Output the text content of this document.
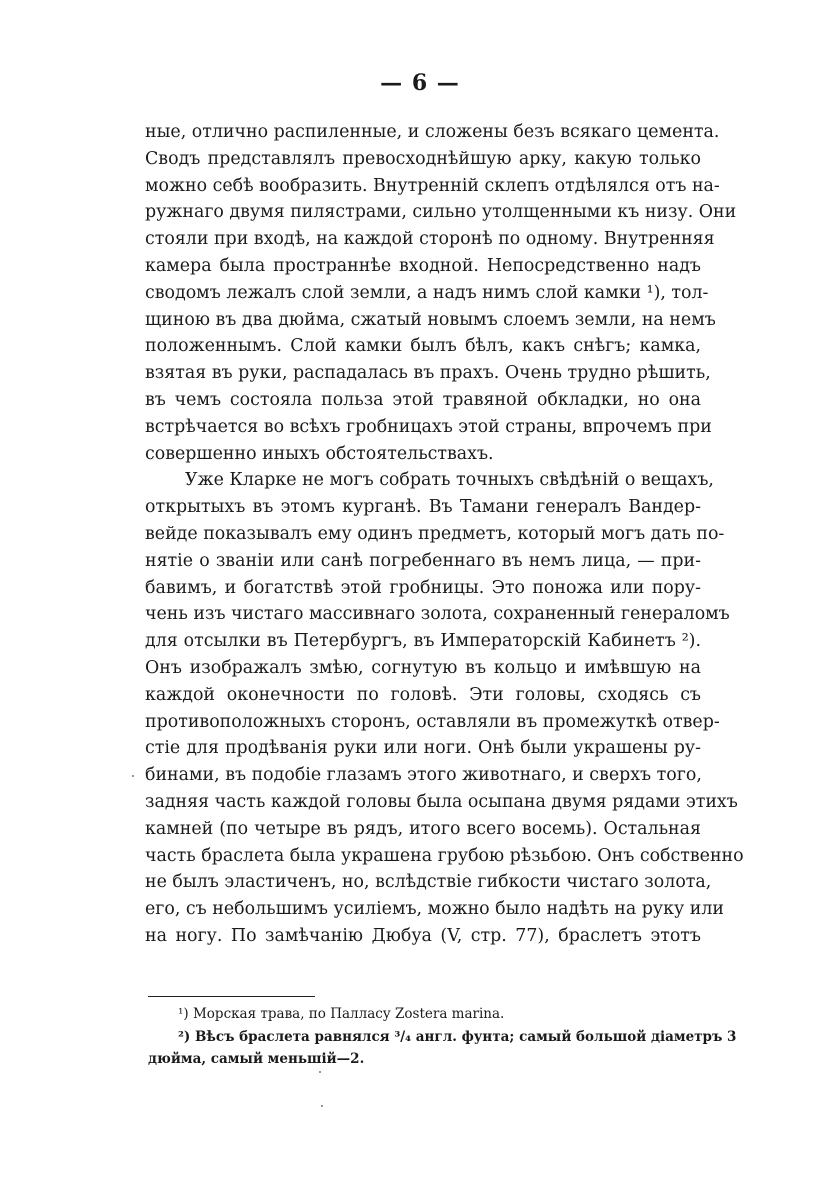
— 6 —
ные, отлично распиленные, и сложены безъ всякаго цемента.
Сводъ представлялъ превосходнѣйшую арку, какую только
можно себѣ вообразить. Внутренній склепъ отдѣлялся отъ на-
ружнаго двумя пилястрами, сильно утолщенными къ низу. Они
стояли при входѣ, на каждой сторонѣ по одному. Внутренняя
камера была пространнѣе входной. Непосредственно надъ
сводомъ лежалъ слой земли, а надъ нимъ слой камки ¹), тол-
щиною въ два дюйма, сжатый новымъ слоемъ земли, на немъ
положеннымъ. Слой камки былъ бѣлъ, какъ снѣгъ; камка,
взятая въ руки, распадалась въ прахъ. Очень трудно рѣшить,
въ чемъ состояла польза этой травяной обкладки, но она
встрѣчается во всѣхъ гробницахъ этой страны, впрочемъ при
совершенно иныхъ обстоятельствахъ.
Уже Кларке не могъ собрать точныхъ свѣдѣній о вещахъ,
открытыхъ въ этомъ курганѣ. Въ Тамани генералъ Вандер-
вейде показывалъ ему одинъ предметъ, который могъ дать по-
нятіе о званіи или санѣ погребеннаго въ немъ лица, — при-
бавимъ, и богатствѣ этой гробницы. Это поножа или пору-
чень изъ чистаго массивнаго золота, сохраненный генераломъ
для отсылки въ Петербургъ, въ Императорскій Кабинетъ ²).
Онъ изображалъ змѣю, согнутую въ кольцо и имѣвшую на
каждой оконечности по головѣ. Эти головы, сходясь съ
противоположныхъ сторонъ, оставляли въ промежуткѣ отвер-
стіе для продѣванія руки или ноги. Онѣ были украшены ру-
бинами, въ подобіе глазамъ этого животнаго, и сверхъ того,
задняя часть каждой головы была осыпана двумя рядами этихъ
камней (по четыре въ рядъ, итого всего восемь). Остальная
часть браслета была украшена грубою рѣзьбою. Онъ собственно
не былъ эластиченъ, но, вслѣдствіе гибкости чистаго золота,
его, съ небольшимъ усиліемъ, можно было надѣть на руку или
на ногу. По замѣчанію Дюбуа (V, стр. 77), браслетъ этотъ
¹) Морская трава, по Палласу Zostera marina.
²) Вѣсъ браслета равнялся ³/₄ англ. фунта; самый большой діаметръ 3
дюйма, самый меньшій—2.
